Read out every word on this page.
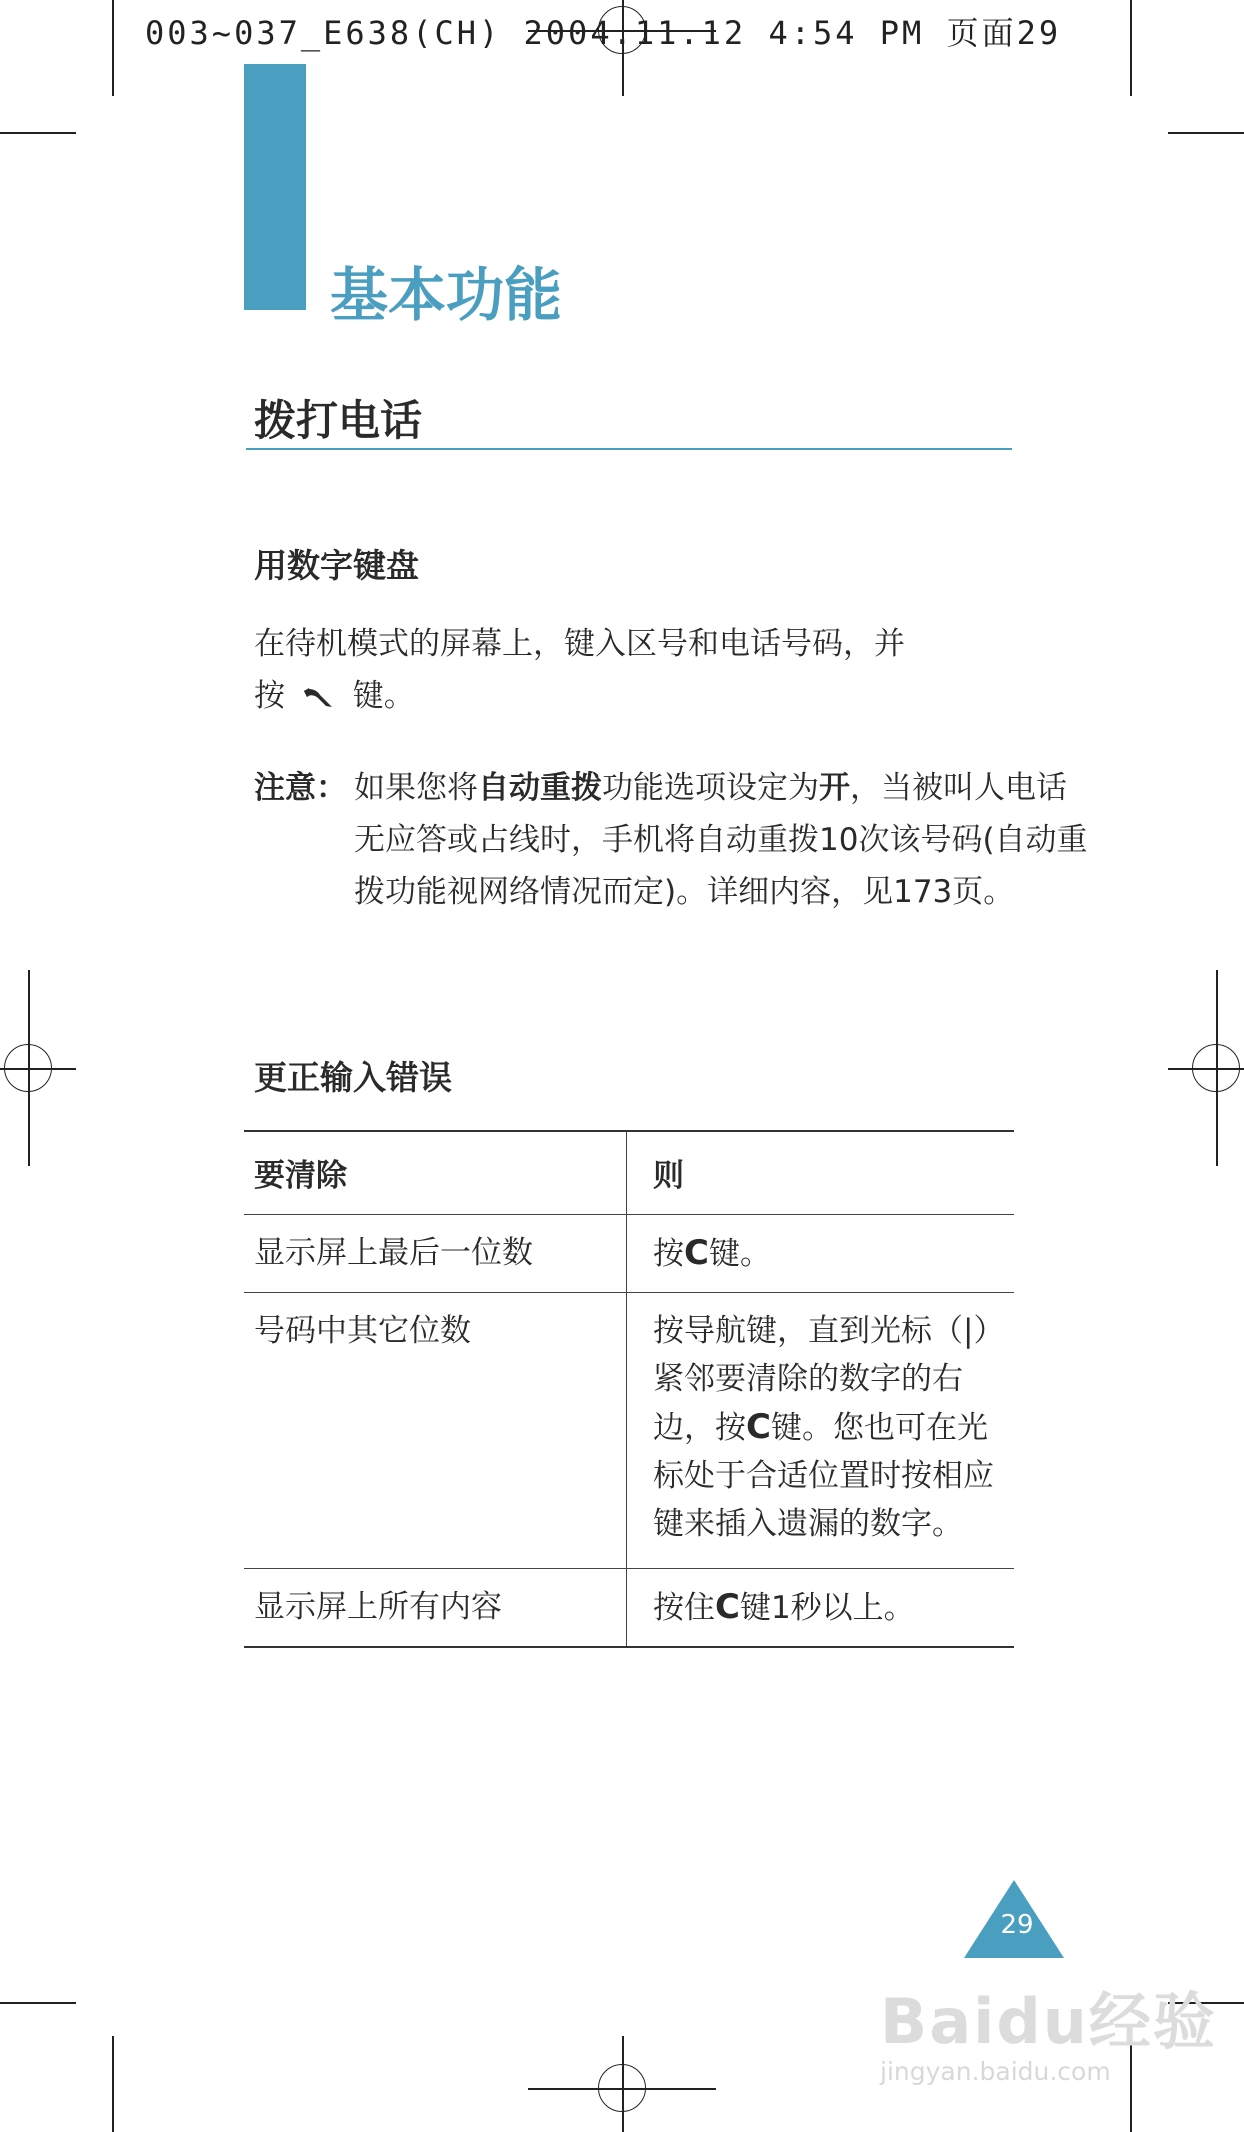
003~037_E638(CH) 2004.11.12 4:54 PM 页面29
基本功能
拨打电话
用数字键盘
在待机模式的屏幕上，键入区号和电话号码，并
按 键。
注意： 如果您将自动重拨功能选项设定为开，当被叫人电话无应答或占线时，手机将自动重拨10次该号码(自动重拨功能视网络情况而定)。详细内容，见173页。
更正输入错误
要清除	则
显示屏上最后一位数	按C键。
号码中其它位数	按导航键，直到光标（|）紧邻要清除的数字的右边，按C键。您也可在光标处于合适位置时按相应键来插入遗漏的数字。
显示屏上所有内容	按住C键1秒以上。
29
Baidu经验
jingyan.baidu.com
